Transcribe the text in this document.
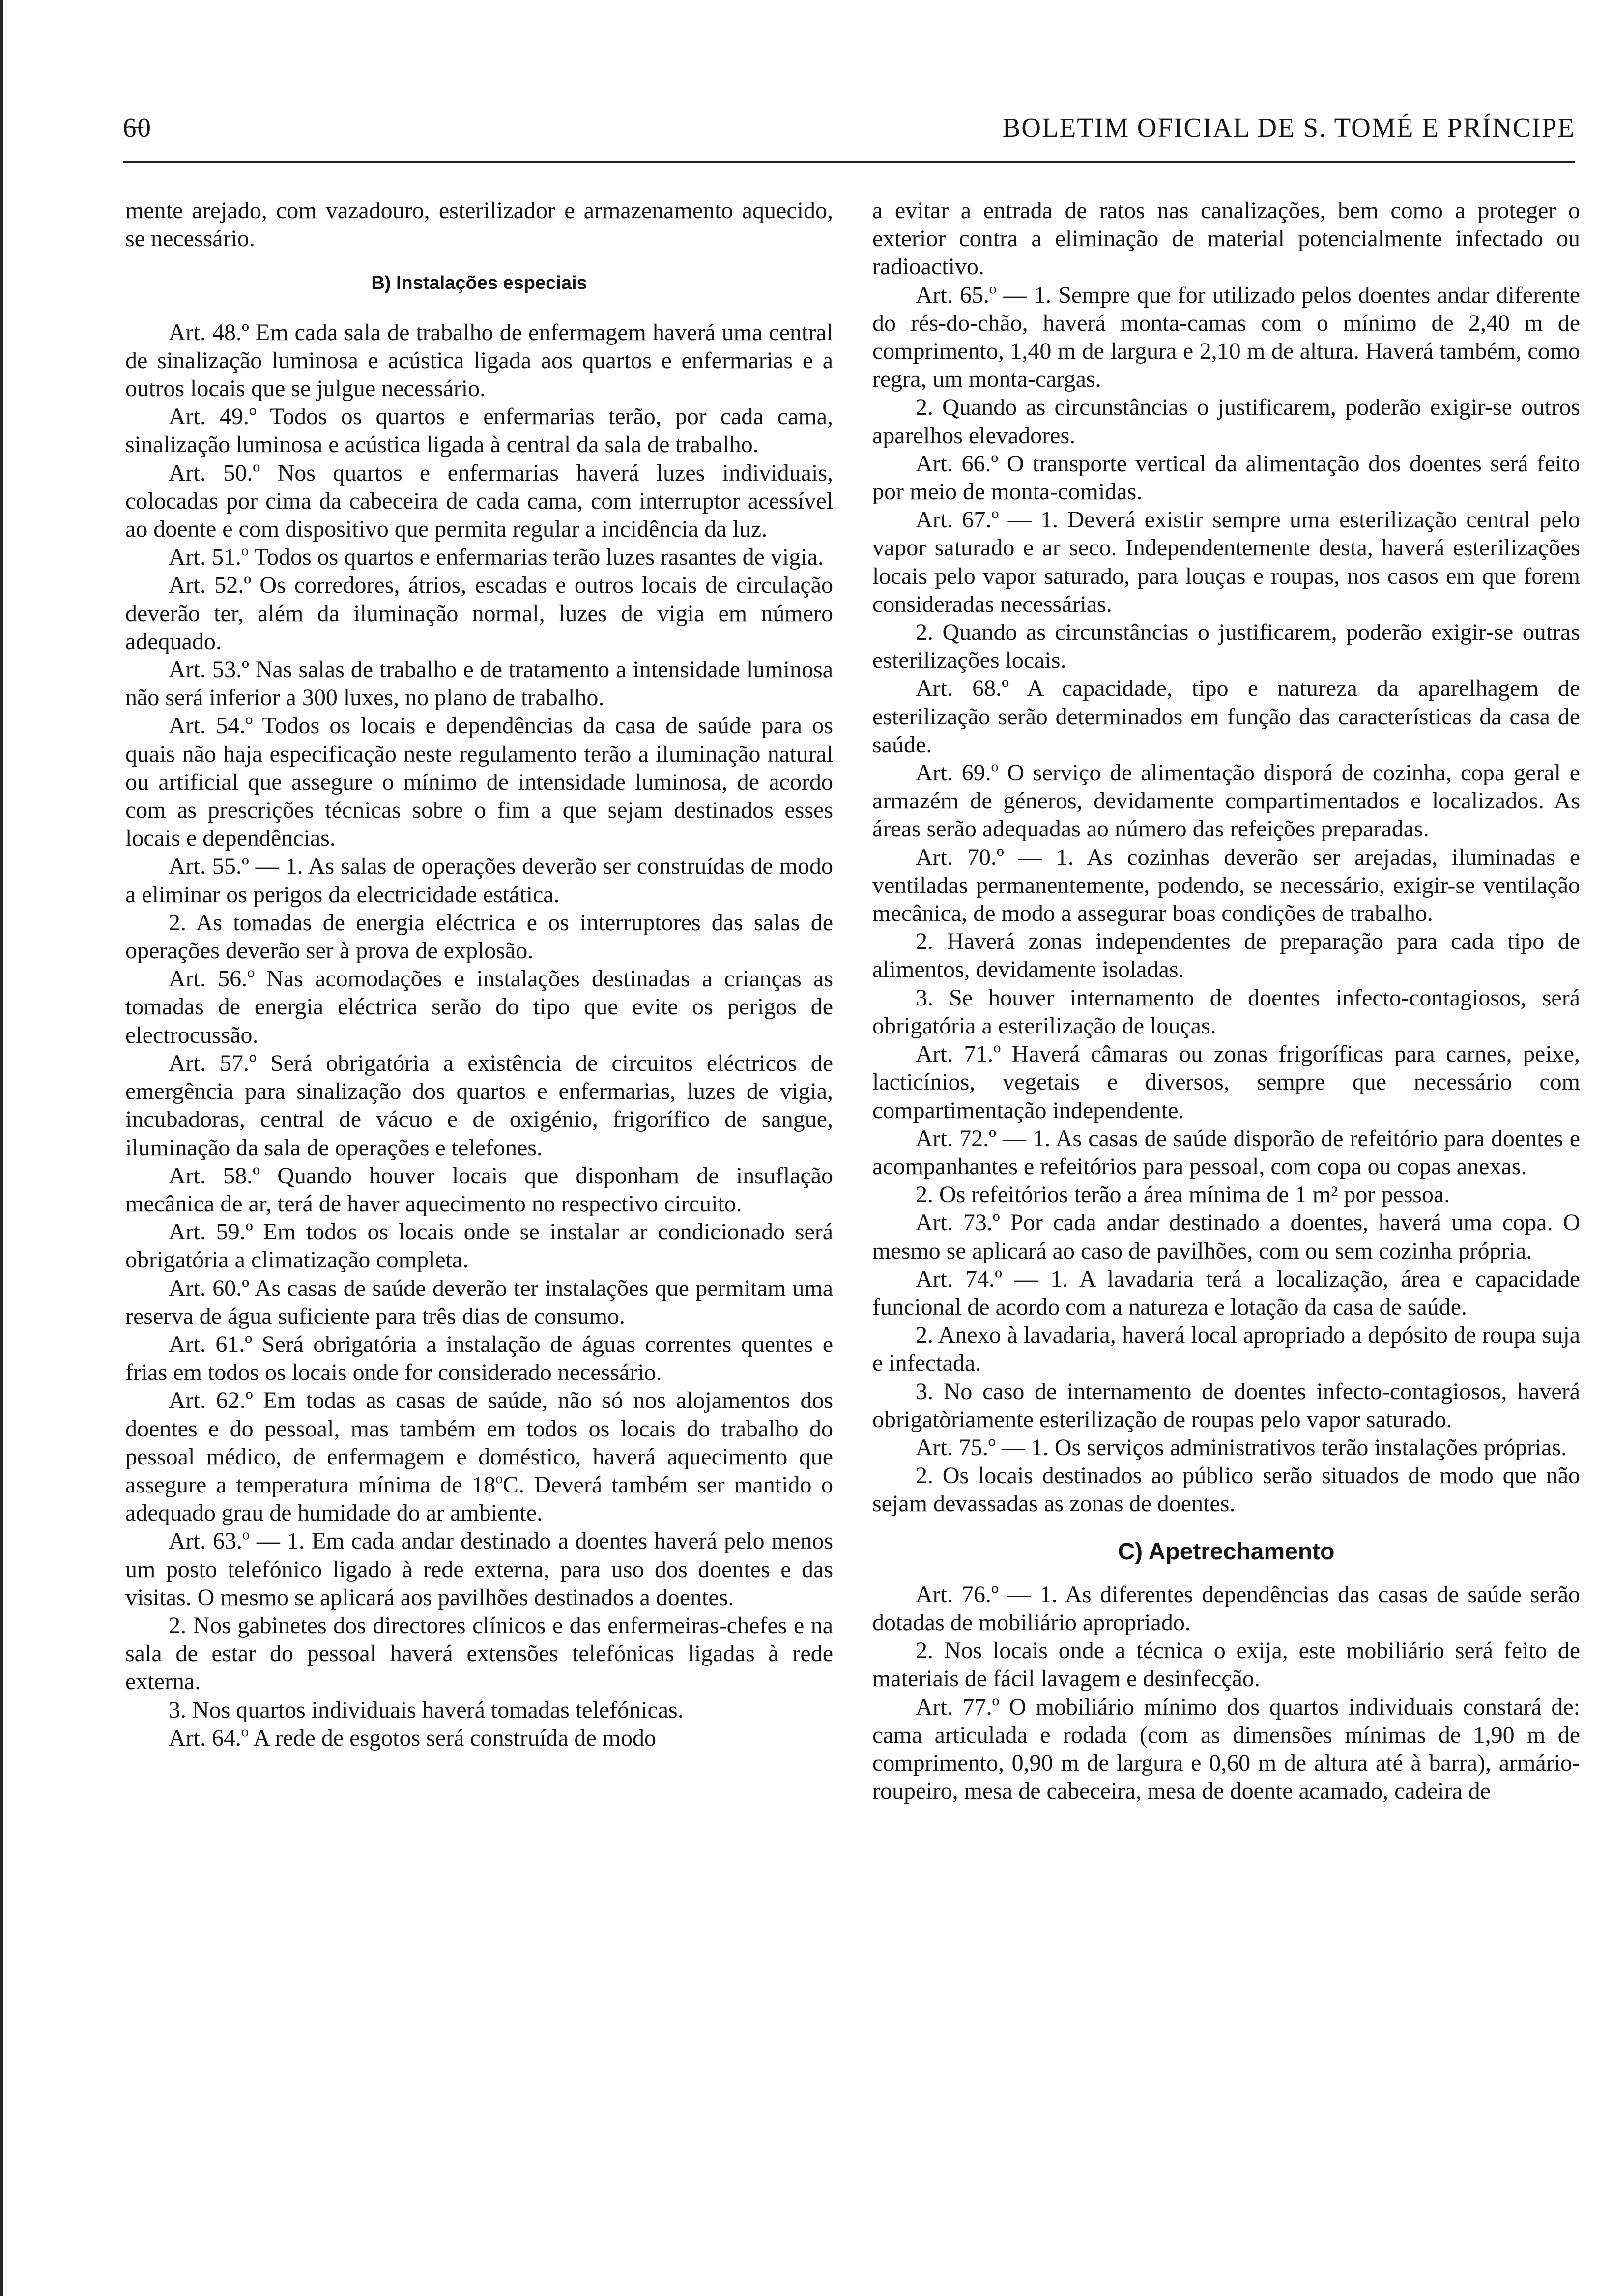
6̶0	BOLETIM OFICIAL DE S. TOMÉ E PRÍNCIPE

mente arejado, com vazadouro, esterilizador e armazenamento aquecido, se necessário.

B) Instalações especiais

Art. 48.º Em cada sala de trabalho de enfermagem haverá uma central de sinalização luminosa e acústica ligada aos quartos e enfermarias e a outros locais que se julgue necessário.

Art. 49.º Todos os quartos e enfermarias terão, por cada cama, sinalização luminosa e acústica ligada à central da sala de trabalho.

Art. 50.º Nos quartos e enfermarias haverá luzes individuais, colocadas por cima da cabeceira de cada cama, com interruptor acessível ao doente e com dispositivo que permita regular a incidência da luz.

Art. 51.º Todos os quartos e enfermarias terão luzes rasantes de vigia.

Art. 52.º Os corredores, átrios, escadas e outros locais de circulação deverão ter, além da iluminação normal, luzes de vigia em número adequado.

Art. 53.º Nas salas de trabalho e de tratamento a intensidade luminosa não será inferior a 300 luxes, no plano de trabalho.

Art. 54.º Todos os locais e dependências da casa de saúde para os quais não haja especificação neste regulamento terão a iluminação natural ou artificial que assegure o mínimo de intensidade luminosa, de acordo com as prescrições técnicas sobre o fim a que sejam destinados esses locais e dependências.

Art. 55.º — 1. As salas de operações deverão ser construídas de modo a eliminar os perigos da electricidade estática.

2. As tomadas de energia eléctrica e os interruptores das salas de operações deverão ser à prova de explosão.

Art. 56.º Nas acomodações e instalações destinadas a crianças as tomadas de energia eléctrica serão do tipo que evite os perigos de electrocussão.

Art. 57.º Será obrigatória a existência de circuitos eléctricos de emergência para sinalização dos quartos e enfermarias, luzes de vigia, incubadoras, central de vácuo e de oxigénio, frigorífico de sangue, iluminação da sala de operações e telefones.

Art. 58.º Quando houver locais que disponham de insuflação mecânica de ar, terá de haver aquecimento no respectivo circuito.

Art. 59.º Em todos os locais onde se instalar ar condicionado será obrigatória a climatização completa.

Art. 60.º As casas de saúde deverão ter instalações que permitam uma reserva de água suficiente para três dias de consumo.

Art. 61.º Será obrigatória a instalação de águas correntes quentes e frias em todos os locais onde for considerado necessário.

Art. 62.º Em todas as casas de saúde, não só nos alojamentos dos doentes e do pessoal, mas também em todos os locais do trabalho do pessoal médico, de enfermagem e doméstico, haverá aquecimento que assegure a temperatura mínima de 18ºC. Deverá também ser mantido o adequado grau de humidade do ar ambiente.

Art. 63.º — 1. Em cada andar destinado a doentes haverá pelo menos um posto telefónico ligado à rede externa, para uso dos doentes e das visitas. O mesmo se aplicará aos pavilhões destinados a doentes.

2. Nos gabinetes dos directores clínicos e das enfermeiras-chefes e na sala de estar do pessoal haverá extensões telefónicas ligadas à rede externa.

3. Nos quartos individuais haverá tomadas telefónicas.

Art. 64.º A rede de esgotos será construída de modo

a evitar a entrada de ratos nas canalizações, bem como a proteger o exterior contra a eliminação de material potencialmente infectado ou radioactivo.

Art. 65.º — 1. Sempre que for utilizado pelos doentes andar diferente do rés-do-chão, haverá monta-camas com o mínimo de 2,40 m de comprimento, 1,40 m de largura e 2,10 m de altura. Haverá também, como regra, um monta-cargas.

2. Quando as circunstâncias o justificarem, poderão exigir-se outros aparelhos elevadores.

Art. 66.º O transporte vertical da alimentação dos doentes será feito por meio de monta-comidas.

Art. 67.º — 1. Deverá existir sempre uma esterilização central pelo vapor saturado e ar seco. Independentemente desta, haverá esterilizações locais pelo vapor saturado, para louças e roupas, nos casos em que forem consideradas necessárias.

2. Quando as circunstâncias o justificarem, poderão exigir-se outras esterilizações locais.

Art. 68.º A capacidade, tipo e natureza da aparelhagem de esterilização serão determinados em função das características da casa de saúde.

Art. 69.º O serviço de alimentação disporá de cozinha, copa geral e armazém de géneros, devidamente compartimentados e localizados. As áreas serão adequadas ao número das refeições preparadas.

Art. 70.º — 1. As cozinhas deverão ser arejadas, iluminadas e ventiladas permanentemente, podendo, se necessário, exigir-se ventilação mecânica, de modo a assegurar boas condições de trabalho.

2. Haverá zonas independentes de preparação para cada tipo de alimentos, devidamente isoladas.

3. Se houver internamento de doentes infecto-contagiosos, será obrigatória a esterilização de louças.

Art. 71.º Haverá câmaras ou zonas frigoríficas para carnes, peixe, lacticínios, vegetais e diversos, sempre que necessário com compartimentação independente.

Art. 72.º — 1. As casas de saúde disporão de refeitório para doentes e acompanhantes e refeitórios para pessoal, com copa ou copas anexas.

2. Os refeitórios terão a área mínima de 1 m² por pessoa.

Art. 73.º Por cada andar destinado a doentes, haverá uma copa. O mesmo se aplicará ao caso de pavilhões, com ou sem cozinha própria.

Art. 74.º — 1. A lavadaria terá a localização, área e capacidade funcional de acordo com a natureza e lotação da casa de saúde.

2. Anexo à lavadaria, haverá local apropriado a depósito de roupa suja e infectada.

3. No caso de internamento de doentes infecto-contagiosos, haverá obrigatòriamente esterilização de roupas pelo vapor saturado.

Art. 75.º — 1. Os serviços administrativos terão instalações próprias.

2. Os locais destinados ao público serão situados de modo que não sejam devassadas as zonas de doentes.

C) Apetrechamento

Art. 76.º — 1. As diferentes dependências das casas de saúde serão dotadas de mobiliário apropriado.

2. Nos locais onde a técnica o exija, este mobiliário será feito de materiais de fácil lavagem e desinfecção.

Art. 77.º O mobiliário mínimo dos quartos individuais constará de: cama articulada e rodada (com as dimensões mínimas de 1,90 m de comprimento, 0,90 m de largura e 0,60 m de altura até à barra), armário-roupeiro, mesa de cabeceira, mesa de doente acamado, cadeira de
